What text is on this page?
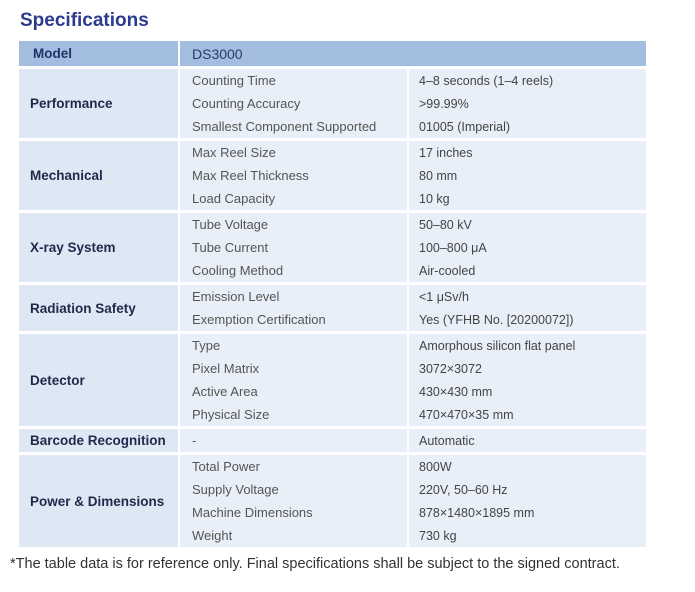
Specifications
Model	DS3000	
Performance	Counting Time	4–8 seconds (1–4 reels)
	Counting Accuracy	>99.99%
	Smallest Component Supported	01005 (Imperial)
Mechanical	Max Reel Size	17 inches
	Max Reel Thickness	80 mm
	Load Capacity	10 kg
X-ray System	Tube Voltage	50–80 kV
	Tube Current	100–800 μA
	Cooling Method	Air-cooled
Radiation Safety	Emission Level	<1 μSv/h
	Exemption Certification	Yes (YFHB No. [20200072])
Detector	Type	Amorphous silicon flat panel
	Pixel Matrix	3072×3072
	Active Area	430×430 mm
	Physical Size	470×470×35 mm
Barcode Recognition	-	Automatic
Power & Dimensions	Total Power	800W
	Supply Voltage	220V, 50–60 Hz
	Machine Dimensions	878×1480×1895 mm
	Weight	730 kg
*The table data is for reference only. Final specifications shall be subject to the signed contract.
